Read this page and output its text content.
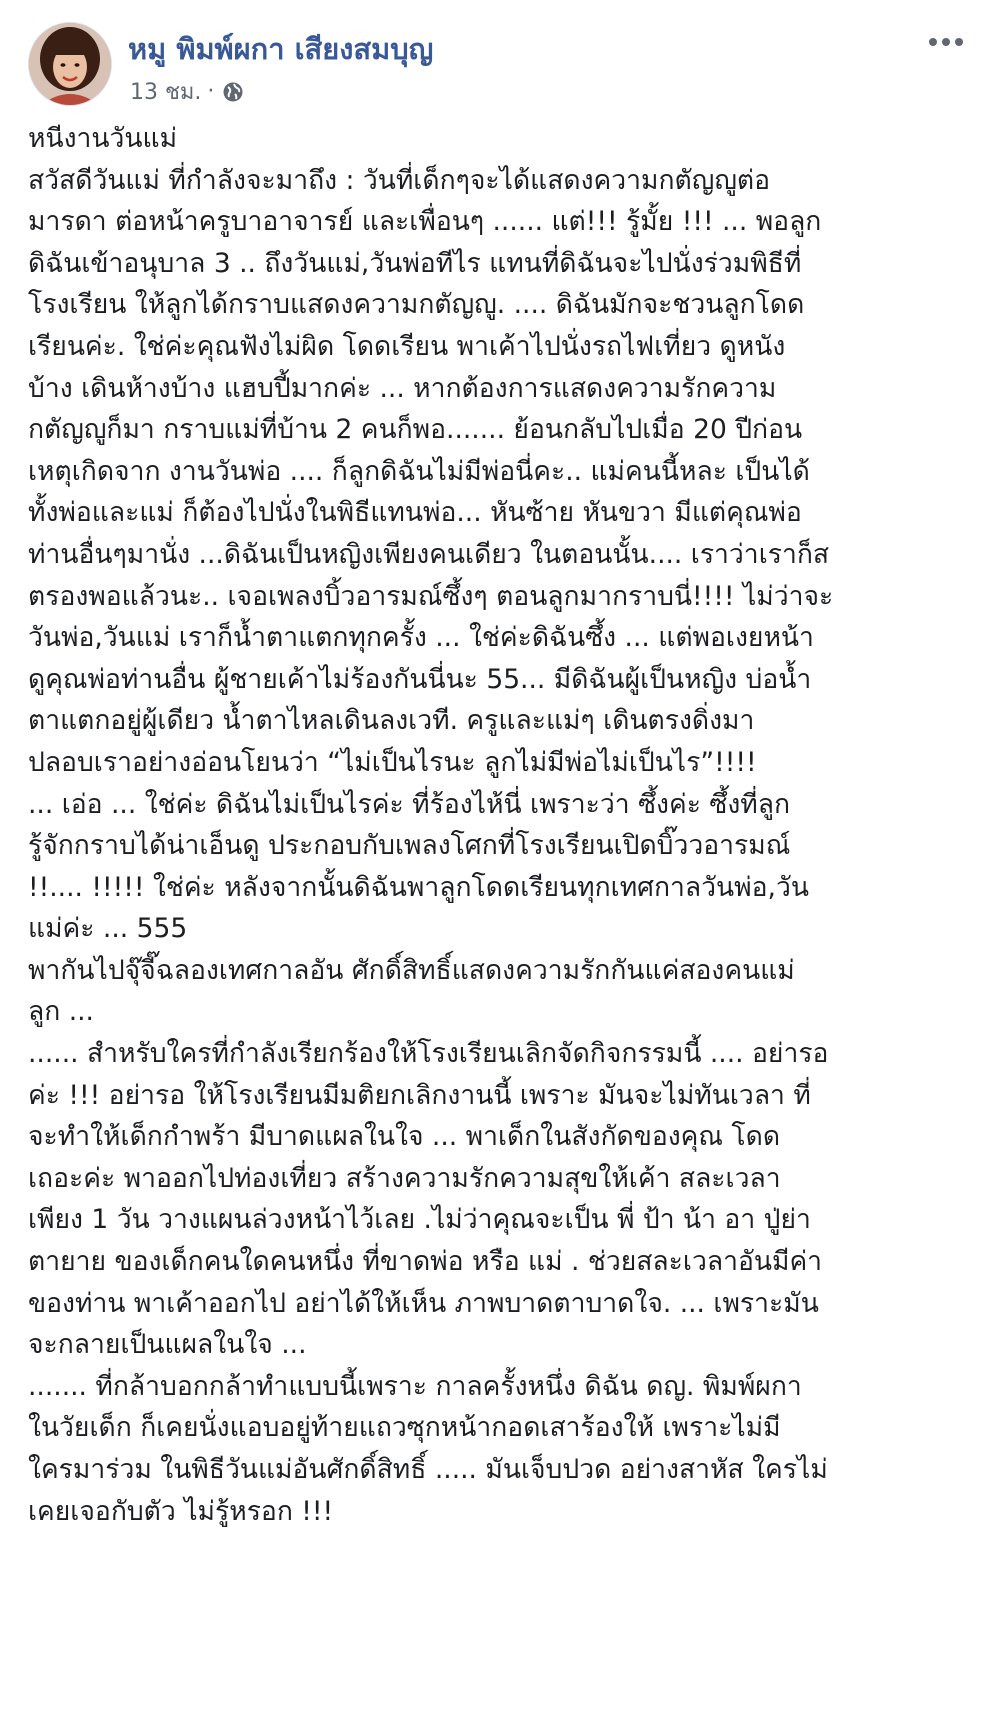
หมู พิมพ์ผกา เสียงสมบุญ
13 ชม. ·
หนีงานวันแม่
สวัสดีวันแม่ ที่กำลังจะมาถึง : วันที่เด็กๆจะได้แสดงความกตัญญูต่อ
มารดา ต่อหน้าครูบาอาจารย์ และเพื่อนๆ ...... แต่!!! รู้มั้ย !!! ... พอลูก
ดิฉันเข้าอนุบาล 3 .. ถึงวันแม่,วันพ่อทีไร แทนที่ดิฉันจะไปนั่งร่วมพิธีที่
โรงเรียน ให้ลูกได้กราบแสดงความกตัญญู. .... ดิฉันมักจะชวนลูกโดด
เรียนค่ะ. ใช่ค่ะคุณฟังไม่ผิด โดดเรียน พาเค้าไปนั่งรถไฟเที่ยว ดูหนัง
บ้าง เดินห้างบ้าง แฮบปี้มากค่ะ ... หากต้องการแสดงความรักความ
กตัญญูก็มา กราบแม่ที่บ้าน 2 คนก็พอ....... ย้อนกลับไปเมื่อ 20 ปีก่อน
เหตุเกิดจาก งานวันพ่อ .... ก็ลูกดิฉันไม่มีพ่อนี่คะ.. แม่คนนี้หละ เป็นได้
ทั้งพ่อและแม่ ก็ต้องไปนั่งในพิธีแทนพ่อ... หันซ้าย หันขวา มีแต่คุณพ่อ
ท่านอื่นๆมานั่ง ...ดิฉันเป็นหญิงเพียงคนเดียว ในตอนนั้น.... เราว่าเราก็ส
ตรองพอแล้วนะ.. เจอเพลงบิ้วอารมณ์ซึ้งๆ ตอนลูกมากราบนี่!!!! ไม่ว่าจะ
วันพ่อ,วันแม่ เราก็น้ำตาแตกทุกครั้ง ... ใช่ค่ะดิฉันซึ้ง ... แต่พอเงยหน้า
ดูคุณพ่อท่านอื่น ผู้ชายเค้าไม่ร้องกันนี่นะ 55... มีดิฉันผู้เป็นหญิง บ่อน้ำ
ตาแตกอยู่ผู้เดียว น้ำตาไหลเดินลงเวที. ครูและแม่ๆ เดินตรงดิ่งมา
ปลอบเราอย่างอ่อนโยนว่า “ไม่เป็นไรนะ ลูกไม่มีพ่อไม่เป็นไร”!!!!
... เอ่อ ... ใช่ค่ะ ดิฉันไม่เป็นไรค่ะ ที่ร้องไห้นี่ เพราะว่า ซึ้งค่ะ ซึ้งที่ลูก
รู้จักกราบได้น่าเอ็นดู ประกอบกับเพลงโศกที่โรงเรียนเปิดบิ๊ววอารมณ์
!!.... !!!!! ใช่ค่ะ หลังจากนั้นดิฉันพาลูกโดดเรียนทุกเทศกาลวันพ่อ,วัน
แม่ค่ะ ... 555
พากันไปจุ๊จี๊ฉลองเทศกาลอัน ศักดิ์สิทธิ์แสดงความรักกันแค่สองคนแม่
ลูก ...
...... สำหรับใครที่กำลังเรียกร้องให้โรงเรียนเลิกจัดกิจกรรมนี้ .... อย่ารอ
ค่ะ !!! อย่ารอ ให้โรงเรียนมีมติยกเลิกงานนี้ เพราะ มันจะไม่ทันเวลา ที่
จะทำให้เด็กกำพร้า มีบาดแผลในใจ ... พาเด็กในสังกัดของคุณ โดด
เถอะค่ะ พาออกไปท่องเที่ยว สร้างความรักความสุขให้เค้า สละเวลา
เพียง 1 วัน วางแผนล่วงหน้าไว้เลย .ไม่ว่าคุณจะเป็น พี่ ป้า น้า อา ปู่ย่า
ตายาย ของเด็กคนใดคนหนึ่ง ที่ขาดพ่อ หรือ แม่ . ช่วยสละเวลาอันมีค่า
ของท่าน พาเค้าออกไป อย่าได้ให้เห็น ภาพบาดตาบาดใจ. ... เพราะมัน
จะกลายเป็นแผลในใจ ...
....... ที่กล้าบอกกล้าทำแบบนี้เพราะ กาลครั้งหนึ่ง ดิฉัน ดญ. พิมพ์ผกา
ในวัยเด็ก ก็เคยนั่งแอบอยู่ท้ายแถวซุกหน้ากอดเสาร้องให้ เพราะไม่มี
ใครมาร่วม ในพิธีวันแม่อันศักดิ์สิทธิ์ ..... มันเจ็บปวด อย่างสาหัส ใครไม่
เคยเจอกับตัว ไม่รู้หรอก !!!
